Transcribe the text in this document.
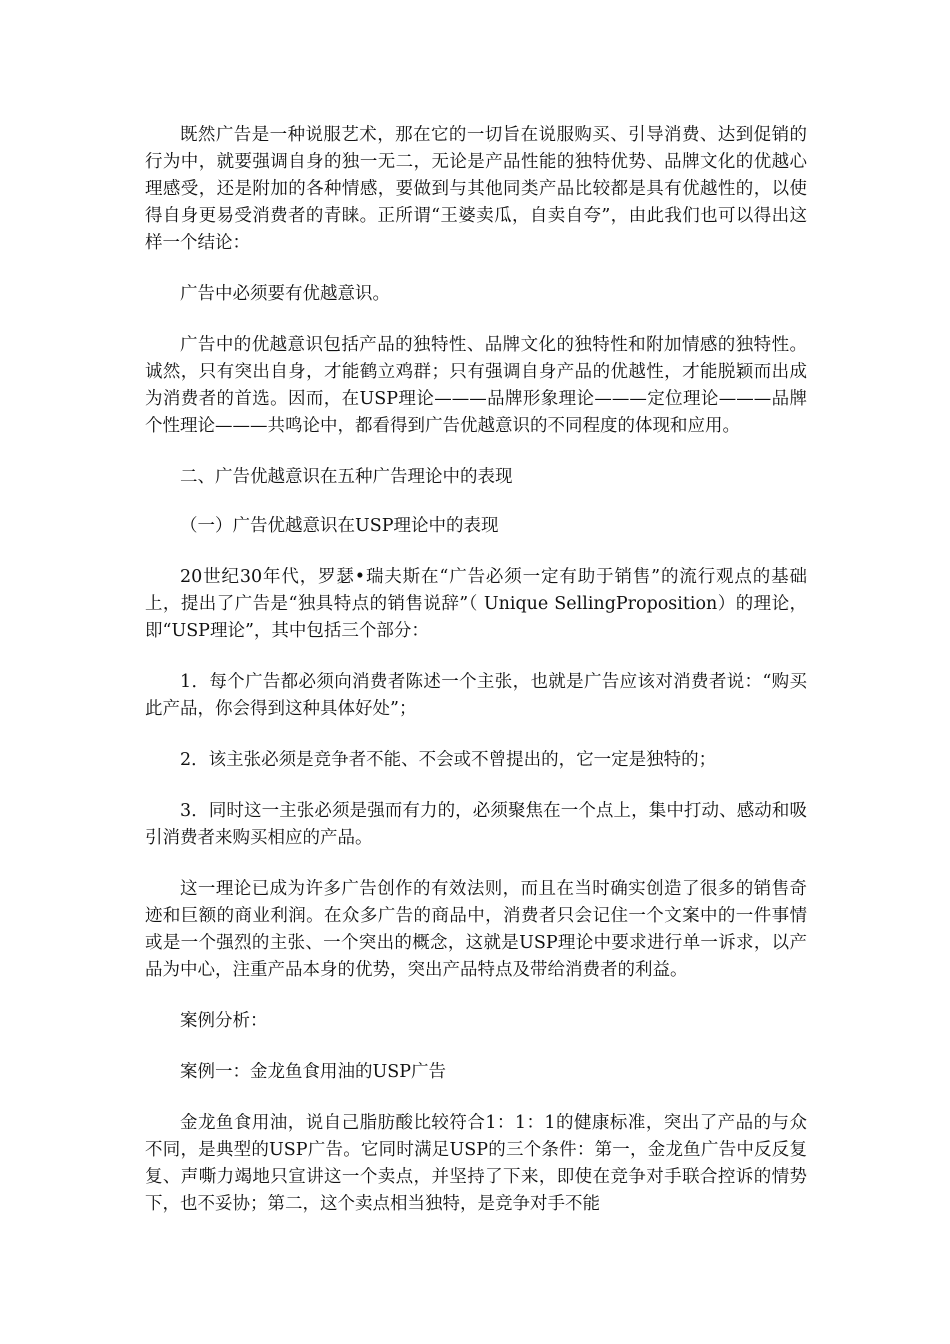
既然广告是一种说服艺术，那在它的一切旨在说服购买、引导消费、达到促销的行为中，就要强调自身的独一无二，无论是产品性能的独特优势、品牌文化的优越心理感受，还是附加的各种情感，要做到与其他同类产品比较都是具有优越性的，以使得自身更易受消费者的青睐。正所谓“王婆卖瓜，自卖自夸”，由此我们也可以得出这样一个结论：

广告中必须要有优越意识。

广告中的优越意识包括产品的独特性、品牌文化的独特性和附加情感的独特性。诚然，只有突出自身，才能鹤立鸡群；只有强调自身产品的优越性，才能脱颖而出成为消费者的首选。因而，在USP理论———品牌形象理论———定位理论———品牌个性理论———共鸣论中，都看得到广告优越意识的不同程度的体现和应用。

二、广告优越意识在五种广告理论中的表现

（一）广告优越意识在USP理论中的表现

20世纪30年代，罗瑟•瑞夫斯在“广告必须一定有助于销售”的流行观点的基础上，提出了广告是“独具特点的销售说辞”（ Unique SellingProposition）的理论，即“USP理论”，其中包括三个部分：

1．每个广告都必须向消费者陈述一个主张，也就是广告应该对消费者说：“购买此产品，你会得到这种具体好处”；

2．该主张必须是竞争者不能、不会或不曾提出的，它一定是独特的；

3．同时这一主张必须是强而有力的，必须聚焦在一个点上，集中打动、感动和吸引消费者来购买相应的产品。

这一理论已成为许多广告创作的有效法则，而且在当时确实创造了很多的销售奇迹和巨额的商业利润。在众多广告的商品中，消费者只会记住一个文案中的一件事情或是一个强烈的主张、一个突出的概念，这就是USP理论中要求进行单一诉求，以产品为中心，注重产品本身的优势，突出产品特点及带给消费者的利益。

案例分析：

案例一：金龙鱼食用油的USP广告

金龙鱼食用油，说自己脂肪酸比较符合1：1：1的健康标准，突出了产品的与众不同，是典型的USP广告。它同时满足USP的三个条件：第一，金龙鱼广告中反反复复、声嘶力竭地只宣讲这一个卖点，并坚持了下来，即使在竞争对手联合控诉的情势下，也不妥协；第二，这个卖点相当独特，是竞争对手不能
